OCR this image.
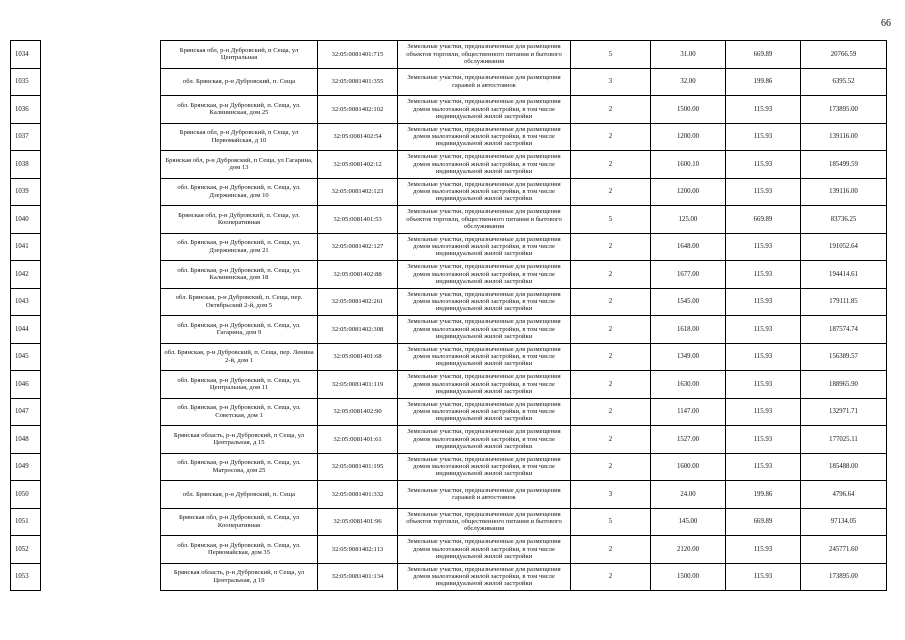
66
1034		Брянская обл, р-н Дубровский, п Сеща, ул Центральная	32:05:0081401:715	Земельные участки, предназначенные для размещения объектов торговли, общественного питания и бытового обслуживания	5	31.00	669.89	20766.59
1035		обл. Брянская, р-н Дубровский, п. Сеща	32:05:0081401:355	Земельные участки, предназначенные для размещения гаражей и автостоянок	3	32.00	199.86	6395.52
1036		обл. Брянская, р-н Дубровский, п. Сеща, ул. Калининская, дом 25	32:05:0081402:102	Земельные участки, предназначенные для размещения домов малоэтажной жилой застройки, в том числе индивидуальной жилой застройки	2	1500.00	115.93	173895.00
1037		Брянская обл, р-н Дубровский, п Сеща, ул Первомайская, д 10	32:05:0081402:54	Земельные участки, предназначенные для размещения домов малоэтажной жилой застройки, в том числе индивидуальной жилой застройки	2	1200.00	115.93	139116.00
1038		Брянская обл, р-н Дубровский, п Сеща, ул Гагарина, дом 13	32:05:0081402:12	Земельные участки, предназначенные для размещения домов малоэтажной жилой застройки, в том числе индивидуальной жилой застройки	2	1600.10	115.93	185499.59
1039		обл. Брянская, р-н Дубровский, п. Сеща, ул. Дзержинская, дом 10	32:05:0081402:123	Земельные участки, предназначенные для размещения домов малоэтажной жилой застройки, в том числе индивидуальной жилой застройки	2	1200.00	115.93	139116.00
1040		Брянская обл, р-н Дубровский, п. Сеща, ул. Кооперативная	32:05:0081401:53	Земельные участки, предназначенные для размещения объектов торговли, общественного питания и бытового обслуживания	5	125.00	669.89	83736.25
1041		обл. Брянская, р-н Дубровский, п. Сеща, ул. Дзержинская, дом 21	32:05:0081402:127	Земельные участки, предназначенные для размещения домов малоэтажной жилой застройки, в том числе индивидуальной жилой застройки	2	1648.00	115.93	191052.64
1042		обл. Брянская, р-н Дубровский, п. Сеща, ул. Калининская, дом 18	32:05:0081402:88	Земельные участки, предназначенные для размещения домов малоэтажной жилой застройки, в том числе индивидуальной жилой застройки	2	1677.00	115.93	194414.61
1043		обл. Брянская, р-н Дубровский, п. Сеща, пер. Октябрьский 2-й, дом 5	32:05:0081402:261	Земельные участки, предназначенные для размещения домов малоэтажной жилой застройки, в том числе индивидуальной жилой застройки	2	1545.00	115.93	179111.85
1044		обл. Брянская, р-н Дубровский, п. Сеща, ул. Гагарина, дом 9	32:05:0081402:308	Земельные участки, предназначенные для размещения домов малоэтажной жилой застройки, в том числе индивидуальной жилой застройки	2	1618.00	115.93	187574.74
1045		обл. Брянская, р-н Дубровский, п. Сеща, пер. Ленина 2-й, дом 1	32:05:0081401:68	Земельные участки, предназначенные для размещения домов малоэтажной жилой застройки, в том числе индивидуальной жилой застройки	2	1349.00	115.93	156389.57
1046		обл. Брянская, р-н Дубровский, п. Сеща, ул. Центральная, дом 11	32:05:0081401:119	Земельные участки, предназначенные для размещения домов малоэтажной жилой застройки, в том числе индивидуальной жилой застройки	2	1630.00	115.93	188965.90
1047		обл. Брянская, р-н Дубровский, п. Сеща, ул. Советская, дом 1	32:05:0081402:90	Земельные участки, предназначенные для размещения домов малоэтажной жилой застройки, в том числе индивидуальной жилой застройки	2	1147.00	115.93	132971.71
1048		Брянская область, р-н Дубровский, п Сеща, ул Центральная, д 15	32:05:0081401:61	Земельные участки, предназначенные для размещения домов малоэтажной жилой застройки, в том числе индивидуальной жилой застройки	2	1527.00	115.93	177025.11
1049		обл. Брянская, р-н Дубровский, п. Сеща, ул. Матросова, дом 25	32:05:0081401:195	Земельные участки, предназначенные для размещения домов малоэтажной жилой застройки, в том числе индивидуальной жилой застройки	2	1600.00	115.93	185488.00
1050		обл. Брянская, р-н Дубровский, п. Сеща	32:05:0081401:332	Земельные участки, предназначенные для размещения гаражей и автостоянок	3	24.00	199.86	4796.64
1051		Брянская обл, р-н Дубровский, п. Сеща, ул Кооперативная	32:05:0081401:96	Земельные участки, предназначенные для размещения объектов торговли, общественного питания и бытового обслуживания	5	145.00	669.89	97134.05
1052		обл. Брянская, р-н Дубровский, п. Сеща, ул. Первомайская, дом 35	32:05:0081402:113	Земельные участки, предназначенные для размещения домов малоэтажной жилой застройки, в том числе индивидуальной жилой застройки	2	2120.00	115.93	245771.60
1053		Брянская область, р-н Дубровский, п Сеща, ул Центральная, д 19	32:05:0081401:134	Земельные участки, предназначенные для размещения домов малоэтажной жилой застройки, в том числе индивидуальной жилой застройки	2	1500.00	115.93	173895.00
